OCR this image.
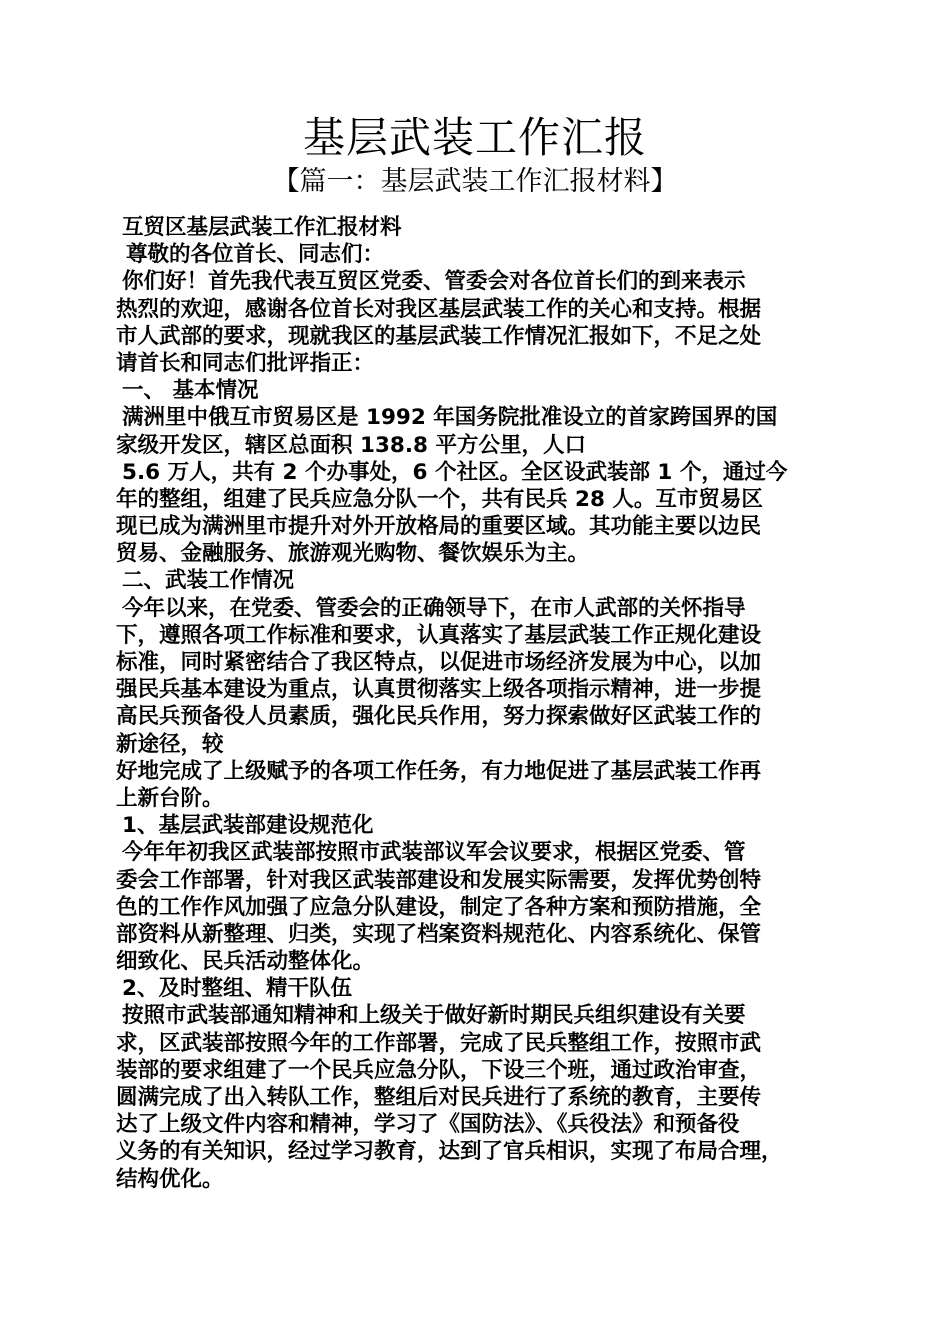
基层武装工作汇报
【篇一：基层武装工作汇报材料】
互贸区基层武装工作汇报材料
尊敬的各位首长、同志们：
你们好！首先我代表互贸区党委、管委会对各位首长们的到来表示
热烈的欢迎，感谢各位首长对我区基层武装工作的关心和支持。根据
市人武部的要求，现就我区的基层武装工作情况汇报如下，不足之处
请首长和同志们批评指正：
一、 基本情况
满洲里中俄互市贸易区是 1992 年国务院批准设立的首家跨国界的国
家级开发区，辖区总面积 138.8 平方公里，人口
5.6 万人，共有 2 个办事处，6 个社区。全区设武装部 1 个，通过今
年的整组，组建了民兵应急分队一个，共有民兵 28 人。互市贸易区
现已成为满洲里市提升对外开放格局的重要区域。其功能主要以边民
贸易、金融服务、旅游观光购物、餐饮娱乐为主。
二、武装工作情况
今年以来，在党委、管委会的正确领导下，在市人武部的关怀指导
下，遵照各项工作标准和要求，认真落实了基层武装工作正规化建设
标准，同时紧密结合了我区特点，以促进市场经济发展为中心，以加
强民兵基本建设为重点，认真贯彻落实上级各项指示精神，进一步提
高民兵预备役人员素质，强化民兵作用，努力探索做好区武装工作的
新途径，较
好地完成了上级赋予的各项工作任务，有力地促进了基层武装工作再
上新台阶。
1、基层武装部建设规范化
今年年初我区武装部按照市武装部议军会议要求，根据区党委、管
委会工作部署，针对我区武装部建设和发展实际需要，发挥优势创特
色的工作作风加强了应急分队建设，制定了各种方案和预防措施，全
部资料从新整理、归类，实现了档案资料规范化、内容系统化、保管
细致化、民兵活动整体化。
2、及时整组、精干队伍
按照市武装部通知精神和上级关于做好新时期民兵组织建设有关要
求，区武装部按照今年的工作部署，完成了民兵整组工作，按照市武
装部的要求组建了一个民兵应急分队，下设三个班，通过政治审查，
圆满完成了出入转队工作，整组后对民兵进行了系统的教育，主要传
达了上级文件内容和精神，学习了《国防法》、《兵役法》和预备役
义务的有关知识，经过学习教育，达到了官兵相识，实现了布局合理，
结构优化。
